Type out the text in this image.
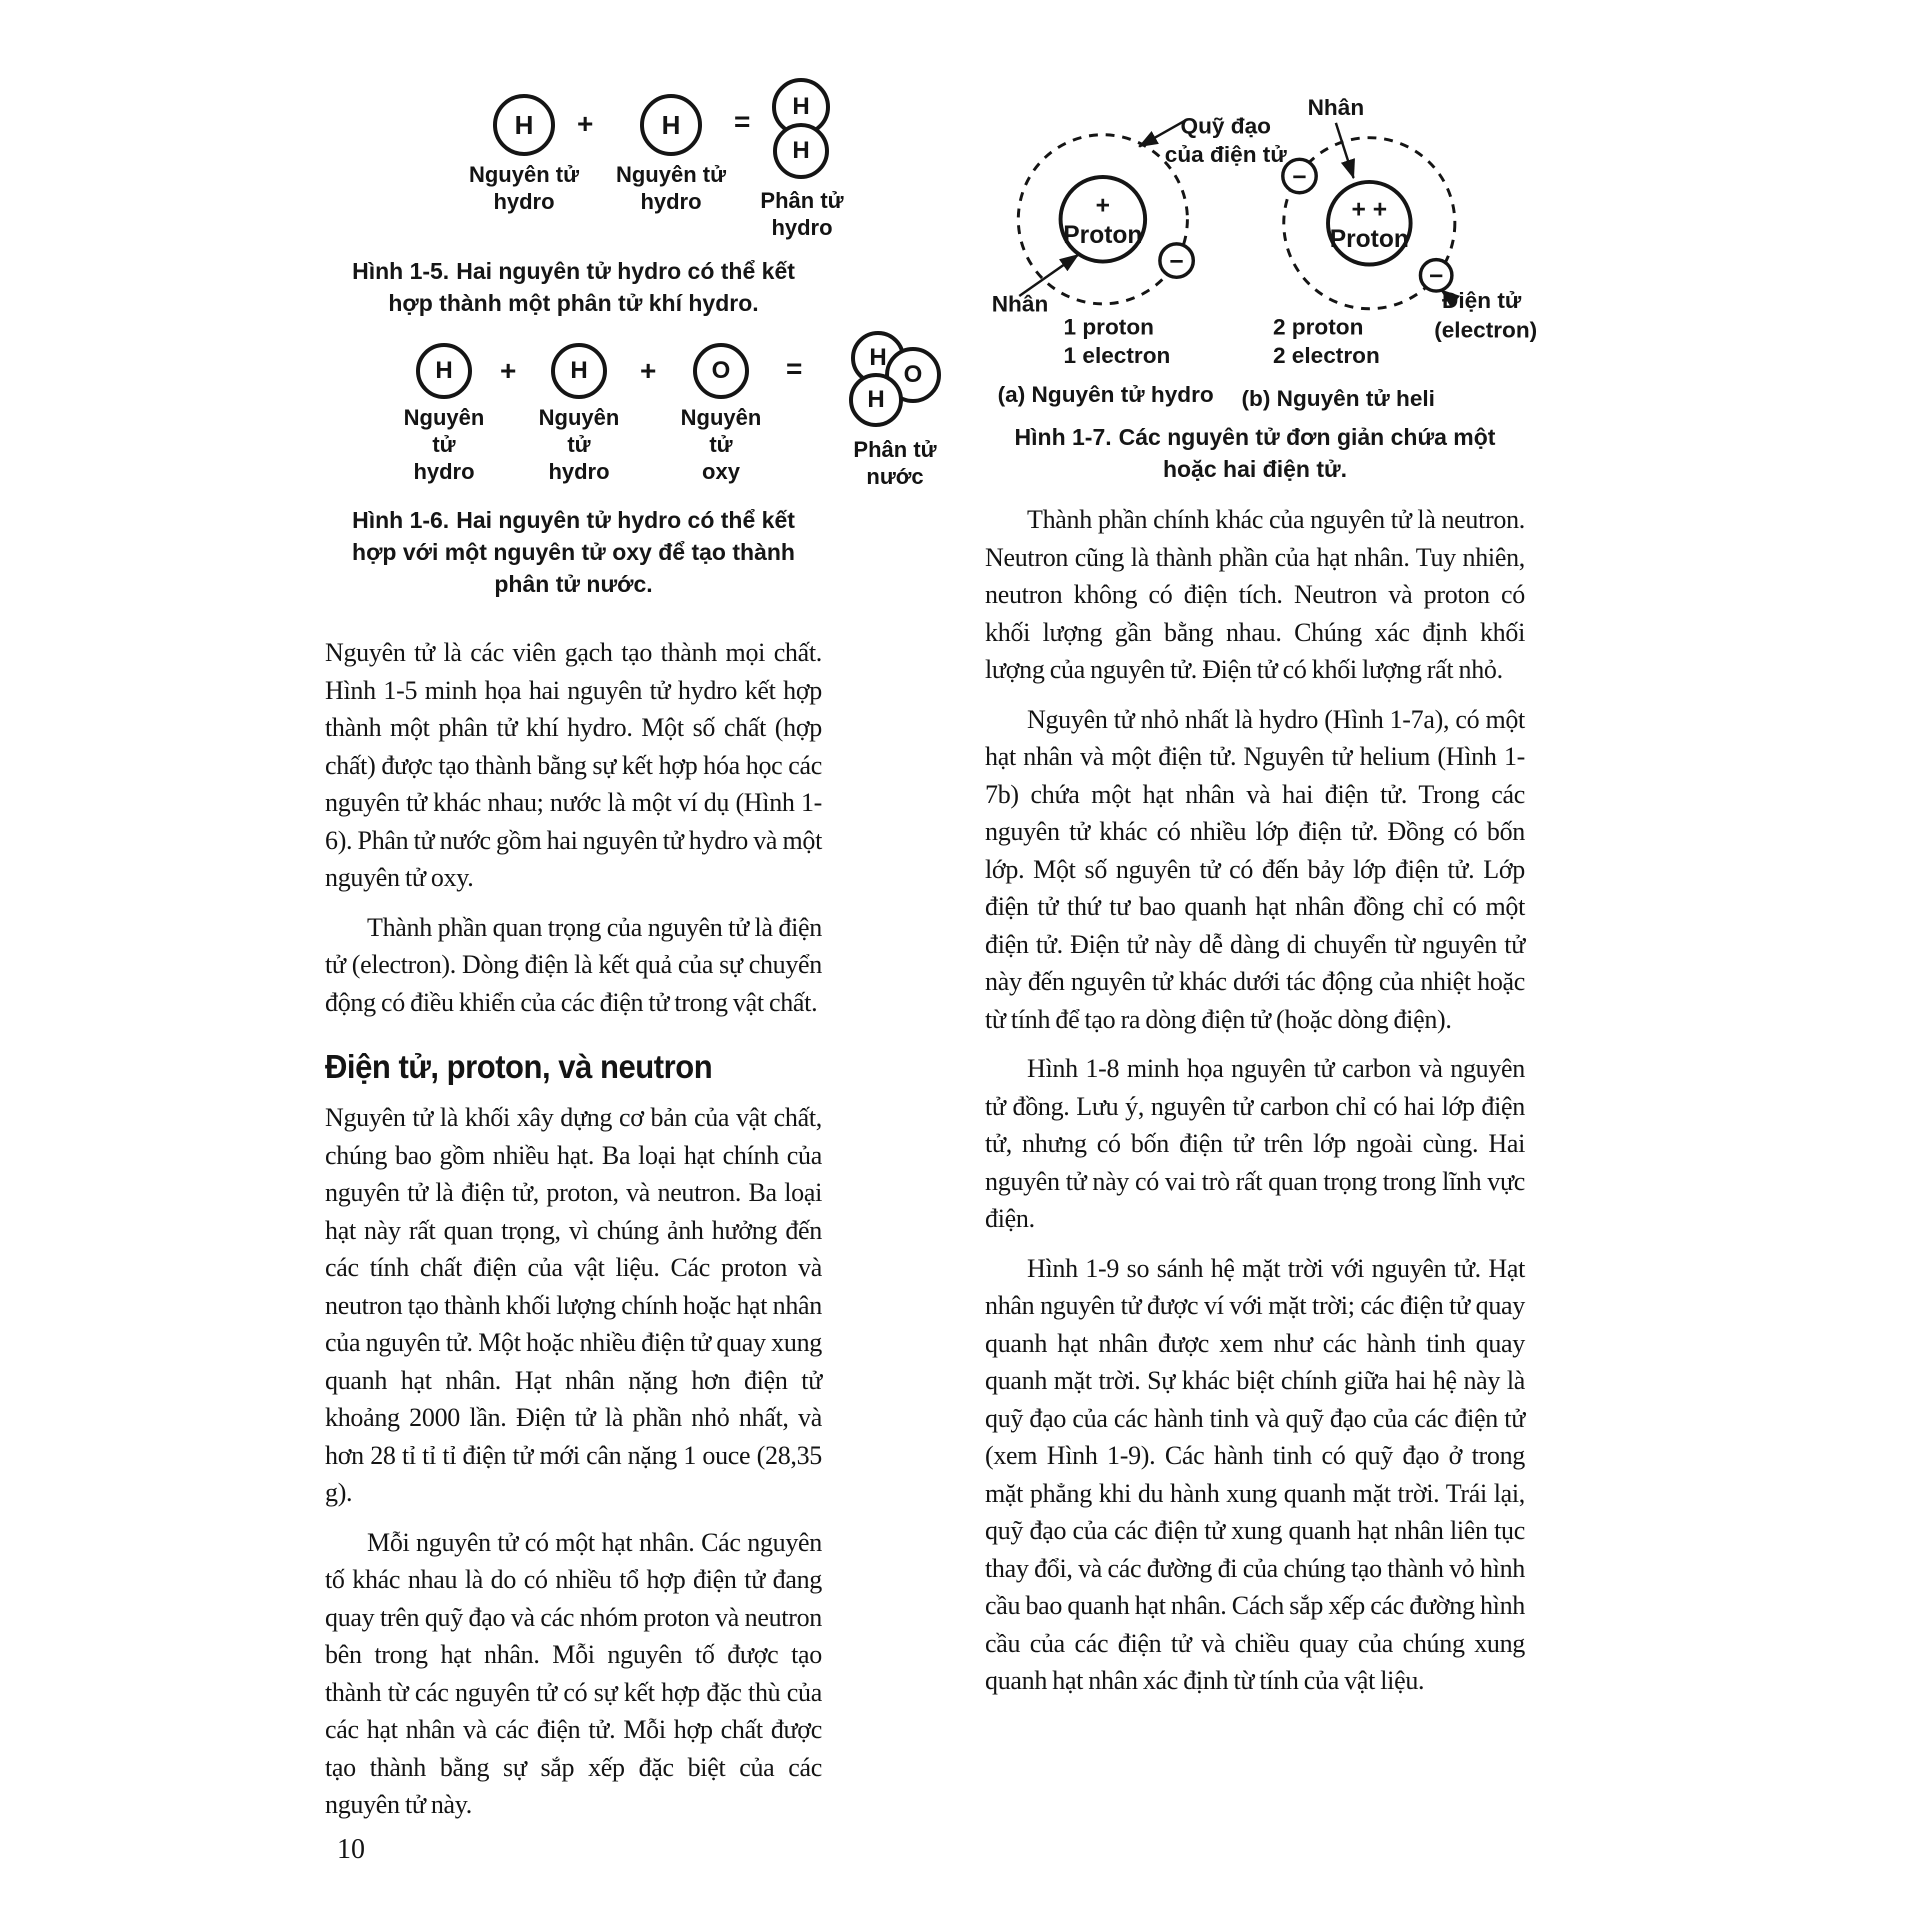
H
Nguyên tử
hydro
+	H
Nguyên tử
hydro
= H
H
Phân tử
hydro
Hình 1-5. Hai nguyên tử hydro có thể kết hợp thành một phân tử khí hydro.
H
Nguyên
tử
hydro
+ H
Nguyên
tử
hydro
+ O
Nguyên
tử
oxy
=	H
O
H
Phân tử
nước
Hình 1-6. Hai nguyên tử hydro có thể kết hợp với một nguyên tử oxy để tạo thành phân tử nước.

Nguyên tử là các viên gạch tạo thành mọi chất. Hình 1-5 minh họa hai nguyên tử hydro kết hợp thành một phân tử khí hydro. Một số chất (hợp chất) được tạo thành bằng sự kết hợp hóa học các nguyên tử khác nhau; nước là một ví dụ (Hình 1-6). Phân tử nước gồm hai nguyên tử hydro và một nguyên tử oxy.

Thành phần quan trọng của nguyên tử là điện tử (electron). Dòng điện là kết quả của sự chuyển động có điều khiển của các điện tử trong vật chất.

Điện tử, proton, và neutron

Nguyên tử là khối xây dựng cơ bản của vật chất, chúng bao gồm nhiều hạt. Ba loại hạt chính của nguyên tử là điện tử, proton, và neutron. Ba loại hạt này rất quan trọng, vì chúng ảnh hưởng đến các tính chất điện của vật liệu. Các proton và neutron tạo thành khối lượng chính hoặc hạt nhân của nguyên tử. Một hoặc nhiều điện tử quay xung quanh hạt nhân. Hạt nhân nặng hơn điện tử khoảng 2000 lần. Điện tử là phần nhỏ nhất, và hơn 28 tỉ tỉ tỉ điện tử mới cân nặng 1 ouce (28,35 g).

Mỗi nguyên tử có một hạt nhân. Các nguyên tố khác nhau là do có nhiều tổ hợp điện tử đang quay trên quỹ đạo và các nhóm proton và neutron bên trong hạt nhân. Mỗi nguyên tố được tạo thành từ các nguyên tử có sự kết hợp đặc thù của các hạt nhân và các điện tử. Mỗi hợp chất được tạo thành bằng sự sắp xếp đặc biệt của các nguyên tử này.

+
Proton
−
Quỹ đạo
của điện tử
Nhân
+ +
Proton
−
−
Nhân
Điện tử
(electron)
1 proton
1 electron
2 proton
2 electron
(a) Nguyên tử hydro (b) Nguyên tử heli
Hình 1-7. Các nguyên tử đơn giản chứa một hoặc hai điện tử.

Thành phần chính khác của nguyên tử là neutron. Neutron cũng là thành phần của hạt nhân. Tuy nhiên, neutron không có điện tích. Neutron và proton có khối lượng gần bằng nhau. Chúng xác định khối lượng của nguyên tử. Điện tử có khối lượng rất nhỏ.

Nguyên tử nhỏ nhất là hydro (Hình 1-7a), có một hạt nhân và một điện tử. Nguyên tử helium (Hình 1-7b) chứa một hạt nhân và hai điện tử. Trong các nguyên tử khác có nhiều lớp điện tử. Đồng có bốn lớp. Một số nguyên tử có đến bảy lớp điện tử. Lớp điện tử thứ tư bao quanh hạt nhân đồng chỉ có một điện tử. Điện tử này dễ dàng di chuyển từ nguyên tử này đến nguyên tử khác dưới tác động của nhiệt hoặc từ tính để tạo ra dòng điện tử (hoặc dòng điện).

Hình 1-8 minh họa nguyên tử carbon và nguyên tử đồng. Lưu ý, nguyên tử carbon chỉ có hai lớp điện tử, nhưng có bốn điện tử trên lớp ngoài cùng. Hai nguyên tử này có vai trò rất quan trọng trong lĩnh vực điện.

Hình 1-9 so sánh hệ mặt trời với nguyên tử. Hạt nhân nguyên tử được ví với mặt trời; các điện tử quay quanh hạt nhân được xem như các hành tinh quay quanh mặt trời. Sự khác biệt chính giữa hai hệ này là quỹ đạo của các hành tinh và quỹ đạo của các điện tử (xem Hình 1-9). Các hành tinh có quỹ đạo ở trong mặt phẳng khi du hành xung quanh mặt trời. Trái lại, quỹ đạo của các điện tử xung quanh hạt nhân liên tục thay đổi, và các đường đi của chúng tạo thành vỏ hình cầu bao quanh hạt nhân. Cách sắp xếp các đường hình cầu của các điện tử và chiều quay của chúng xung quanh hạt nhân xác định từ tính của vật liệu.

10
